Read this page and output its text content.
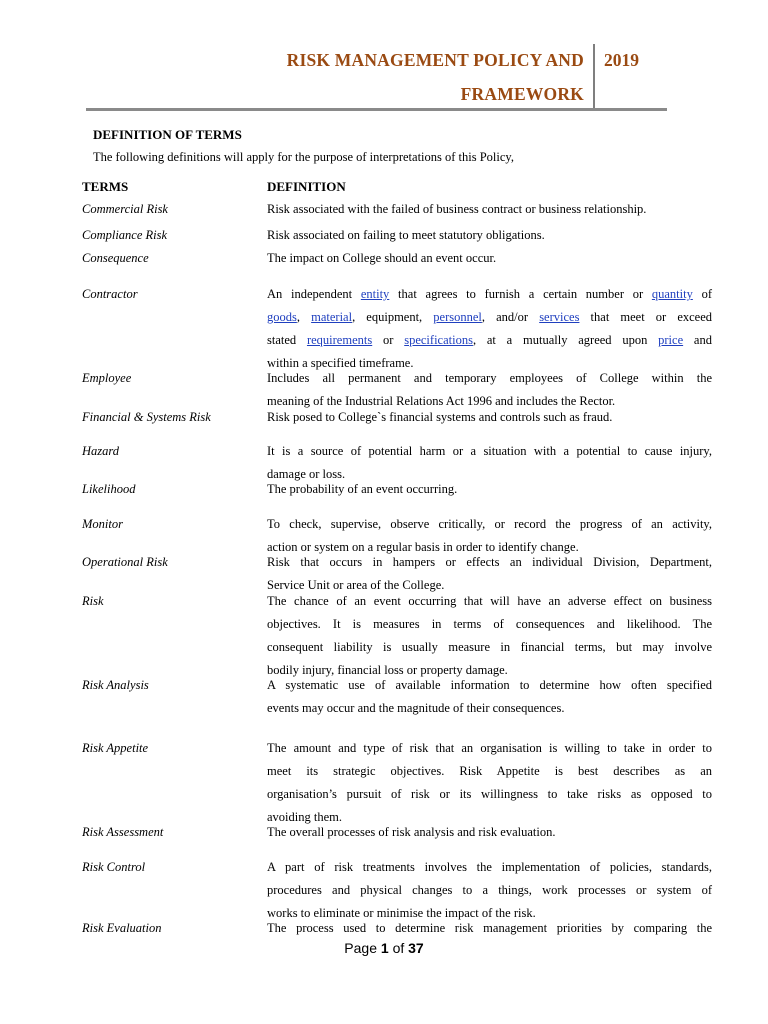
RISK MANAGEMENT POLICY AND
FRAMEWORK
2019
DEFINITION OF TERMS
The following definitions will apply for the purpose of interpretations of this Policy,
TERMS	DEFINITION
Commercial Risk	Risk associated with the failed of business contract or business relationship.
Compliance Risk	Risk associated on failing to meet statutory obligations.
Consequence	The impact on College should an event occur.
Contractor	An independent entity that agrees to furnish a certain number or quantity of
goods, material, equipment, personnel, and/or services that meet or exceed
stated requirements or specifications, at a mutually agreed upon price and
within a specified timeframe.
Employee	Includes all permanent and temporary employees of College within the
meaning of the Industrial Relations Act 1996 and includes the Rector.
Financial & Systems Risk	Risk posed to College`s financial systems and controls such as fraud.
Hazard	It is a source of potential harm or a situation with a potential to cause injury,
damage or loss.
Likelihood	The probability of an event occurring.
Monitor	To check, supervise, observe critically, or record the progress of an activity,
action or system on a regular basis in order to identify change.
Operational Risk	Risk that occurs in hampers or effects an individual Division, Department,
Service Unit or area of the College.
Risk	The chance of an event occurring that will have an adverse effect on business
objectives. It is measures in terms of consequences and likelihood. The
consequent liability is usually measure in financial terms, but may involve
bodily injury, financial loss or property damage.
Risk Analysis	A systematic use of available information to determine how often specified
events may occur and the magnitude of their consequences.
Risk Appetite	The amount and type of risk that an organisation is willing to take in order to
meet its strategic objectives. Risk Appetite is best describes as an
organisation’s pursuit of risk or its willingness to take risks as opposed to
avoiding them.
Risk Assessment	The overall processes of risk analysis and risk evaluation.
Risk Control	A part of risk treatments involves the implementation of policies, standards,
procedures and physical changes to a things, work processes or system of
works to eliminate or minimise the impact of the risk.
Risk Evaluation	The process used to determine risk management priorities by comparing the
Page 1 of 37
